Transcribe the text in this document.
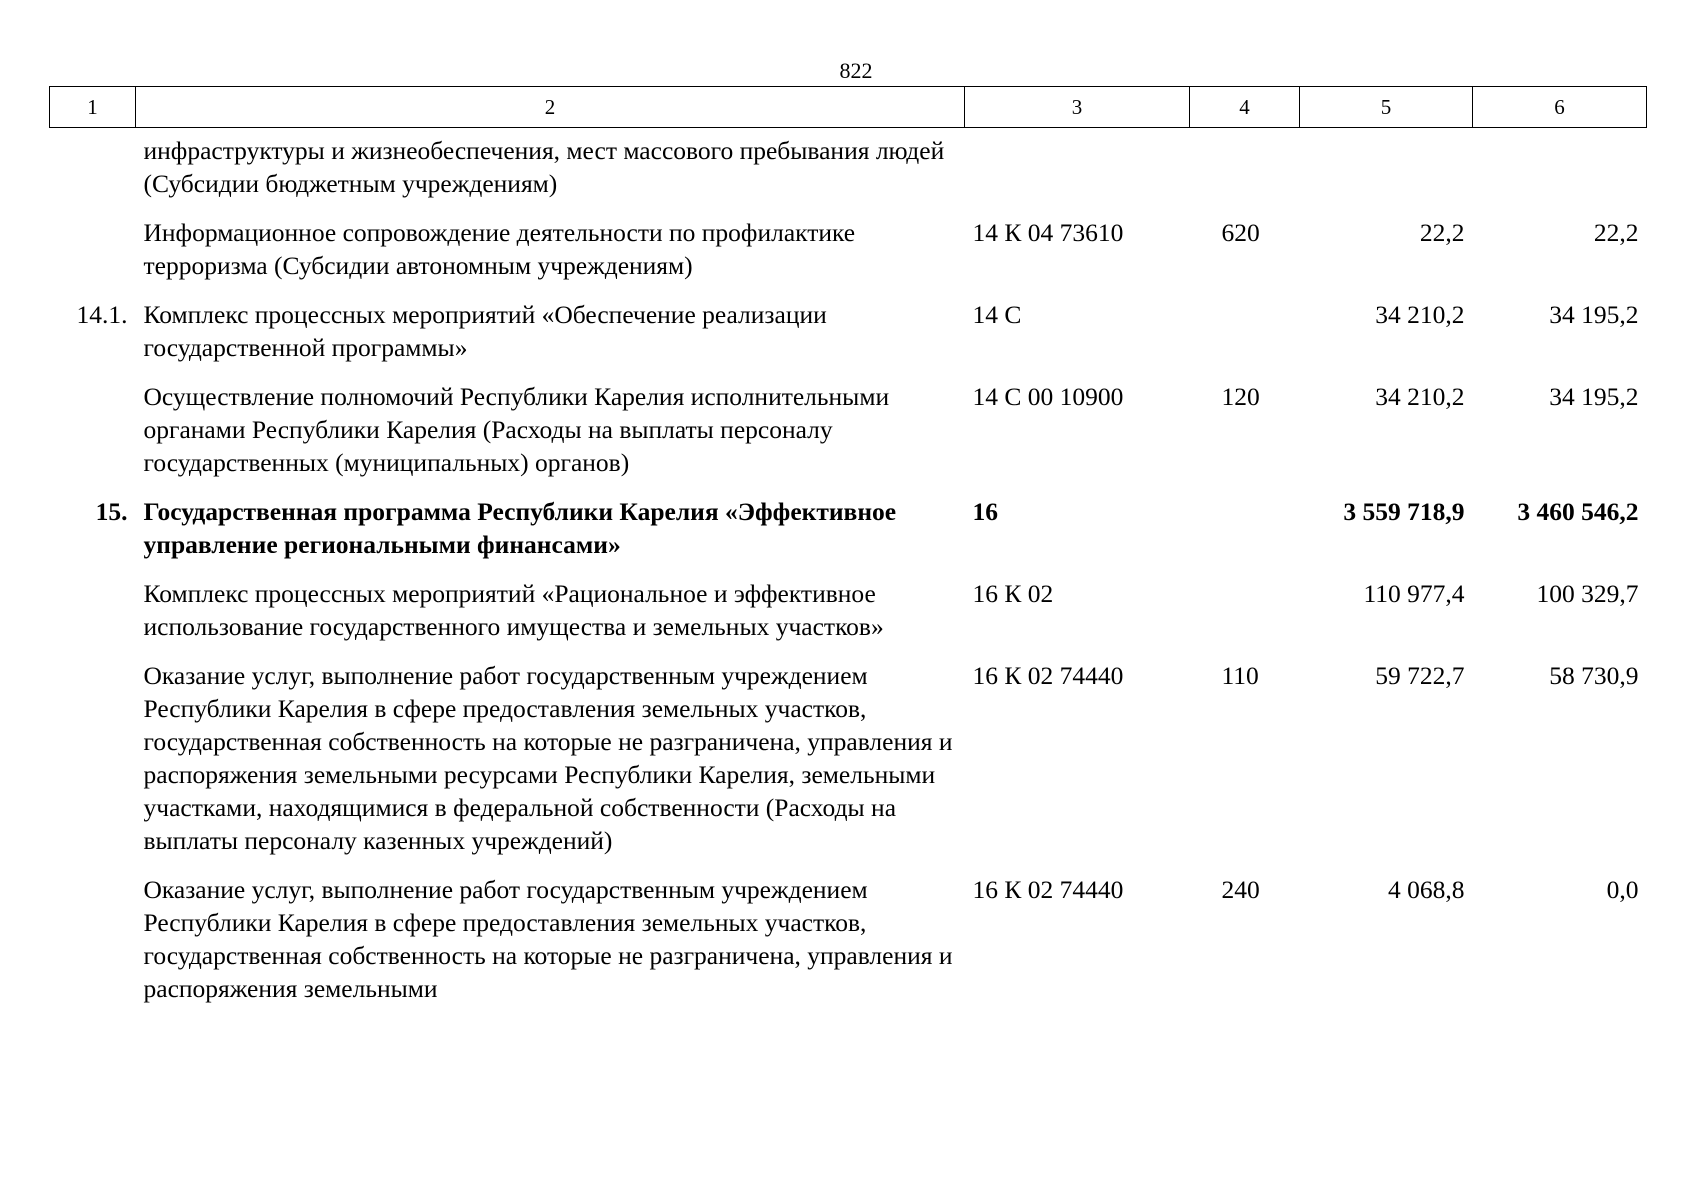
822
1	2	3	4	5	6
	инфраструктуры и жизнеобеспечения, мест массового пребывания людей (Субсидии бюджетным учреждениям)				
	Информационное сопровождение деятельности по профилактике терроризма (Субсидии автономным учреждениям)	14 К 04 73610	620	22,2	22,2
14.1.	Комплекс процессных мероприятий «Обеспечение реализации государственной программы»	14 С		34 210,2	34 195,2
	Осуществление полномочий Республики Карелия исполнительными органами Республики Карелия (Расходы на выплаты персоналу государственных (муниципальных) органов)	14 С 00 10900	120	34 210,2	34 195,2
15.	Государственная программа Республики Карелия «Эффективное управление региональными финансами»	16		3 559 718,9	3 460 546,2
	Комплекс процессных мероприятий «Рациональное и эффективное использование государственного имущества и земельных участков»	16 К 02		110 977,4	100 329,7
	Оказание услуг, выполнение работ государственным учреждением Республики Карелия в сфере предоставления земельных участков, государственная собственность на которые не разграничена, управления и распоряжения земельными ресурсами Республики Карелия, земельными участками, находящимися в федеральной собственности (Расходы на выплаты персоналу казенных учреждений)	16 К 02 74440	110	59 722,7	58 730,9
	Оказание услуг, выполнение работ государственным учреждением Республики Карелия в сфере предоставления земельных участков, государственная собственность на которые не разграничена, управления и распоряжения земельными	16 К 02 74440	240	4 068,8	0,0
